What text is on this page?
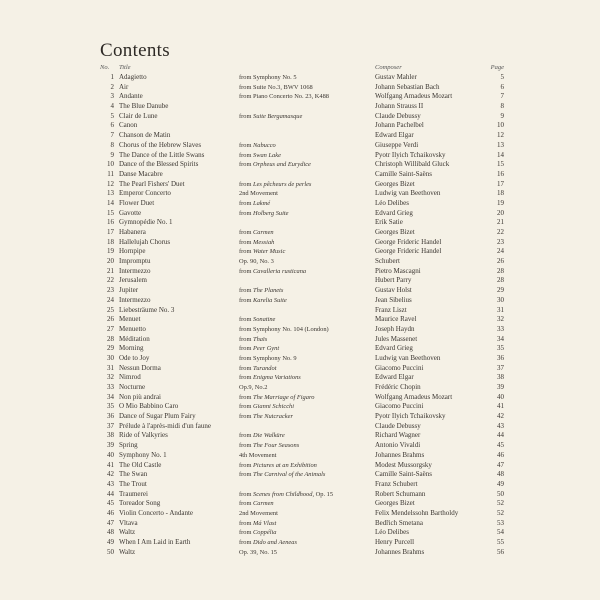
Contents
No. Title	Composer	Page
1 Adagietto	from Symphony No. 5	Gustav Mahler	5
2 Air	from Suite No.3, BWV 1068	Johann Sebastian Bach	6
3 Andante	from Piano Concerto No. 23, K488	Wolfgang Amadeus Mozart	7
4 The Blue Danube	Johann Strauss II	8
5 Clair de Lune	from Suite Bergamasque	Claude Debussy	9
6 Canon	Johann Pachelbel	10
7 Chanson de Matin	Edward Elgar	12
8 Chorus of the Hebrew Slaves	from Nabucco	Giuseppe Verdi	13
9 The Dance of the Little Swans	from Swan Lake	Pyotr Ilyich Tchaikovsky	14
10 Dance of the Blessed Spirits	from Orpheus and Eurydice	Christoph Willibald Gluck	15
11 Danse Macabre	Camille Saint-Saëns	16
12 The Pearl Fishers' Duet	from Les pêcheurs de perles	Georges Bizet	17
13 Emperor Concerto	2nd Movement	Ludwig van Beethoven	18
14 Flower Duet	from Lakmé	Léo Delibes	19
15 Gavotte	from Holberg Suite	Edvard Grieg	20
16 Gymnopédie No. 1	Erik Satie	21
17 Habanera	from Carmen	Georges Bizet	22
18 Hallelujah Chorus	from Messiah	George Frideric Handel	23
19 Hornpipe	from Water Music	George Frideric Handel	24
20 Impromptu	Op. 90, No. 3	Schubert	26
21 Intermezzo	from Cavalleria rusticana	Pietro Mascagni	28
22 Jerusalem	Hubert Parry	28
23 Jupiter	from The Planets	Gustav Holst	29
24 Intermezzo	from Karelia Suite	Jean Sibelius	30
25 Liebesträume No. 3	Franz Liszt	31
26 Menuet	from Sonatine	Maurice Ravel	32
27 Menuetto	from Symphony No. 104 (London)	Joseph Haydn	33
28 Méditation	from Thaïs	Jules Massenet	34
29 Morning	from Peer Gynt	Edvard Grieg	35
30 Ode to Joy	from Symphony No. 9	Ludwig van Beethoven	36
31 Nessun Dorma	from Turandot	Giacomo Puccini	37
32 Nimrod	from Enigma Variations	Edward Elgar	38
33 Nocturne	Op.9, No.2	Frédéric Chopin	39
34 Non più andrai	from The Marriage of Figaro	Wolfgang Amadeus Mozart	40
35 O Mio Babbino Caro	from Gianni Schicchi	Giacomo Puccini	41
36 Dance of Sugar Plum Fairy	from The Nutcracker	Pyotr Ilyich Tchaikovsky	42
37 Prélude à l'après-midi d'un faune	Claude Debussy	43
38 Ride of Valkyries	from Die Walküre	Richard Wagner	44
39 Spring	from The Four Seasons	Antonio Vivaldi	45
40 Symphony No. 1	4th Movement	Johannes Brahms	46
41 The Old Castle	from Pictures at an Exhibition	Modest Mussorgsky	47
42 The Swan	from The Carnival of the Animals	Camille Saint-Saëns	48
43 The Trout	Franz Schubert	49
44 Traumerei	from Scenes from Childhood, Op. 15	Robert Schumann	50
45 Toreador Song	from Carmen	Georges Bizet	52
46 Violin Concerto - Andante	2nd Movement	Felix Mendelssohn Bartholdy	52
47 Vltava	from Má Vlast	Bedřich Smetana	53
48 Waltz	from Coppélia	Léo Delibes	54
49 When I Am Laid in Earth	from Dido and Aeneas	Henry Purcell	55
50 Waltz	Op. 39, No. 15	Johannes Brahms	56
